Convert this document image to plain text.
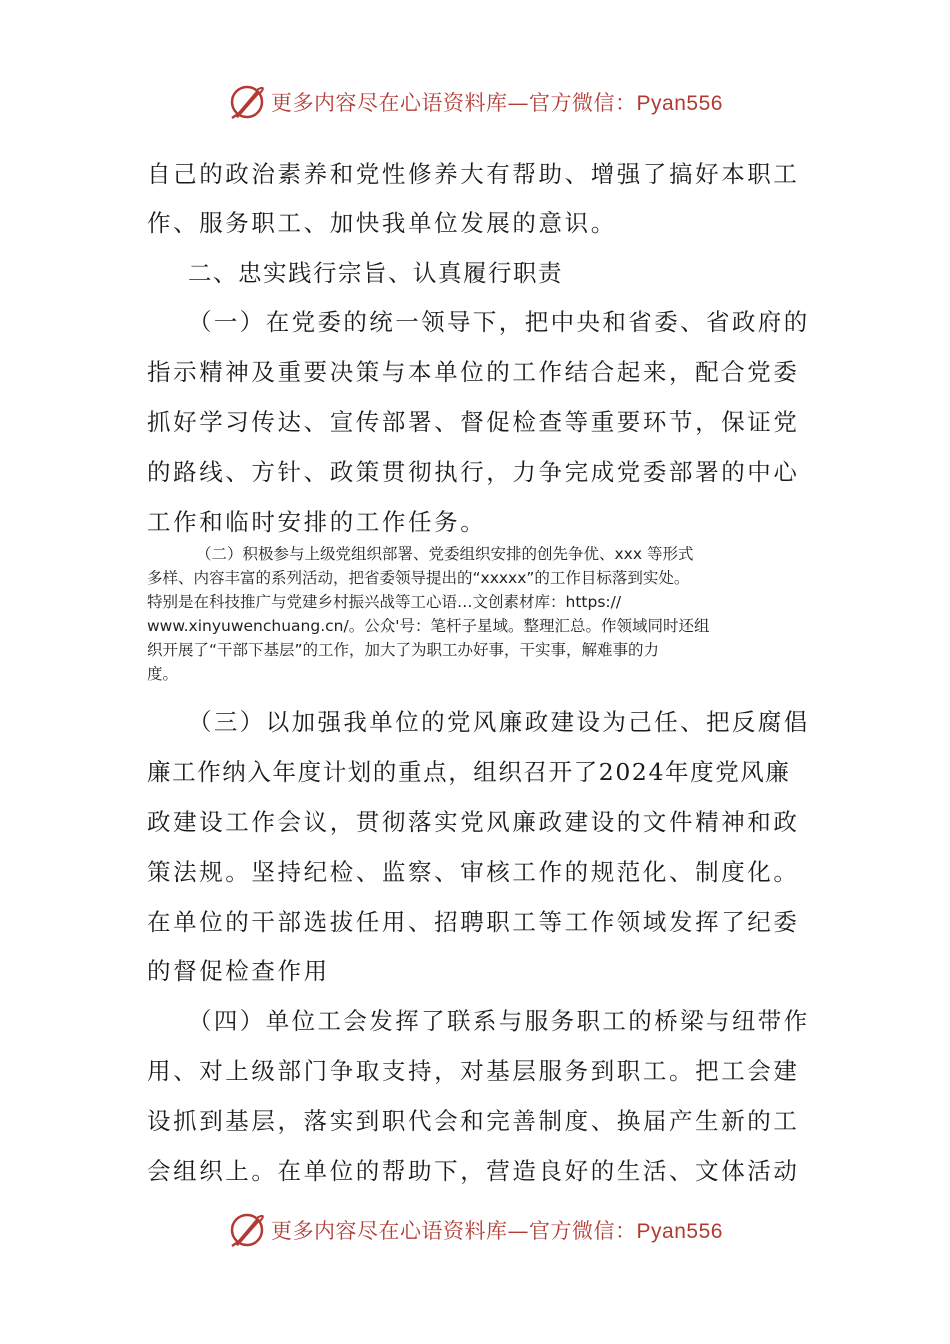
更多内容尽在心语资料库—官方微信：Pyan556
自己的政治素养和党性修养大有帮助、增强了搞好本职工
作、服务职工、加快我单位发展的意识。
二、忠实践行宗旨、认真履行职责
（一）在党委的统一领导下，把中央和省委、省政府的
指示精神及重要决策与本单位的工作结合起来，配合党委
抓好学习传达、宣传部署、督促检查等重要环节，保证党
的路线、方针、政策贯彻执行，力争完成党委部署的中心
工作和临时安排的工作任务。
（二）积极参与上级党组织部署、党委组织安排的创先争优、xxx 等形式
多样、内容丰富的系列活动，把省委领导提出的“xxxxx”的工作目标落到实处。
特别是在科技推广与党建乡村振兴战等工心语…文创素材库：https://
www.xinyuwenchuang.cn/。公众'号：笔杆子星域。整理汇总。作领域同时还组
织开展了“干部下基层”的工作，加大了为职工办好事，干实事，解难事的力
度。
（三）以加强我单位的党风廉政建设为己任、把反腐倡
廉工作纳入年度计划的重点，组织召开了2024年度党风廉
政建设工作会议，贯彻落实党风廉政建设的文件精神和政
策法规。坚持纪检、监察、审核工作的规范化、制度化。
在单位的干部选拔任用、招聘职工等工作领域发挥了纪委
的督促检查作用
（四）单位工会发挥了联系与服务职工的桥梁与纽带作
用、对上级部门争取支持，对基层服务到职工。把工会建
设抓到基层，落实到职代会和完善制度、换届产生新的工
会组织上。在单位的帮助下，营造良好的生活、文体活动
更多内容尽在心语资料库—官方微信：Pyan556
